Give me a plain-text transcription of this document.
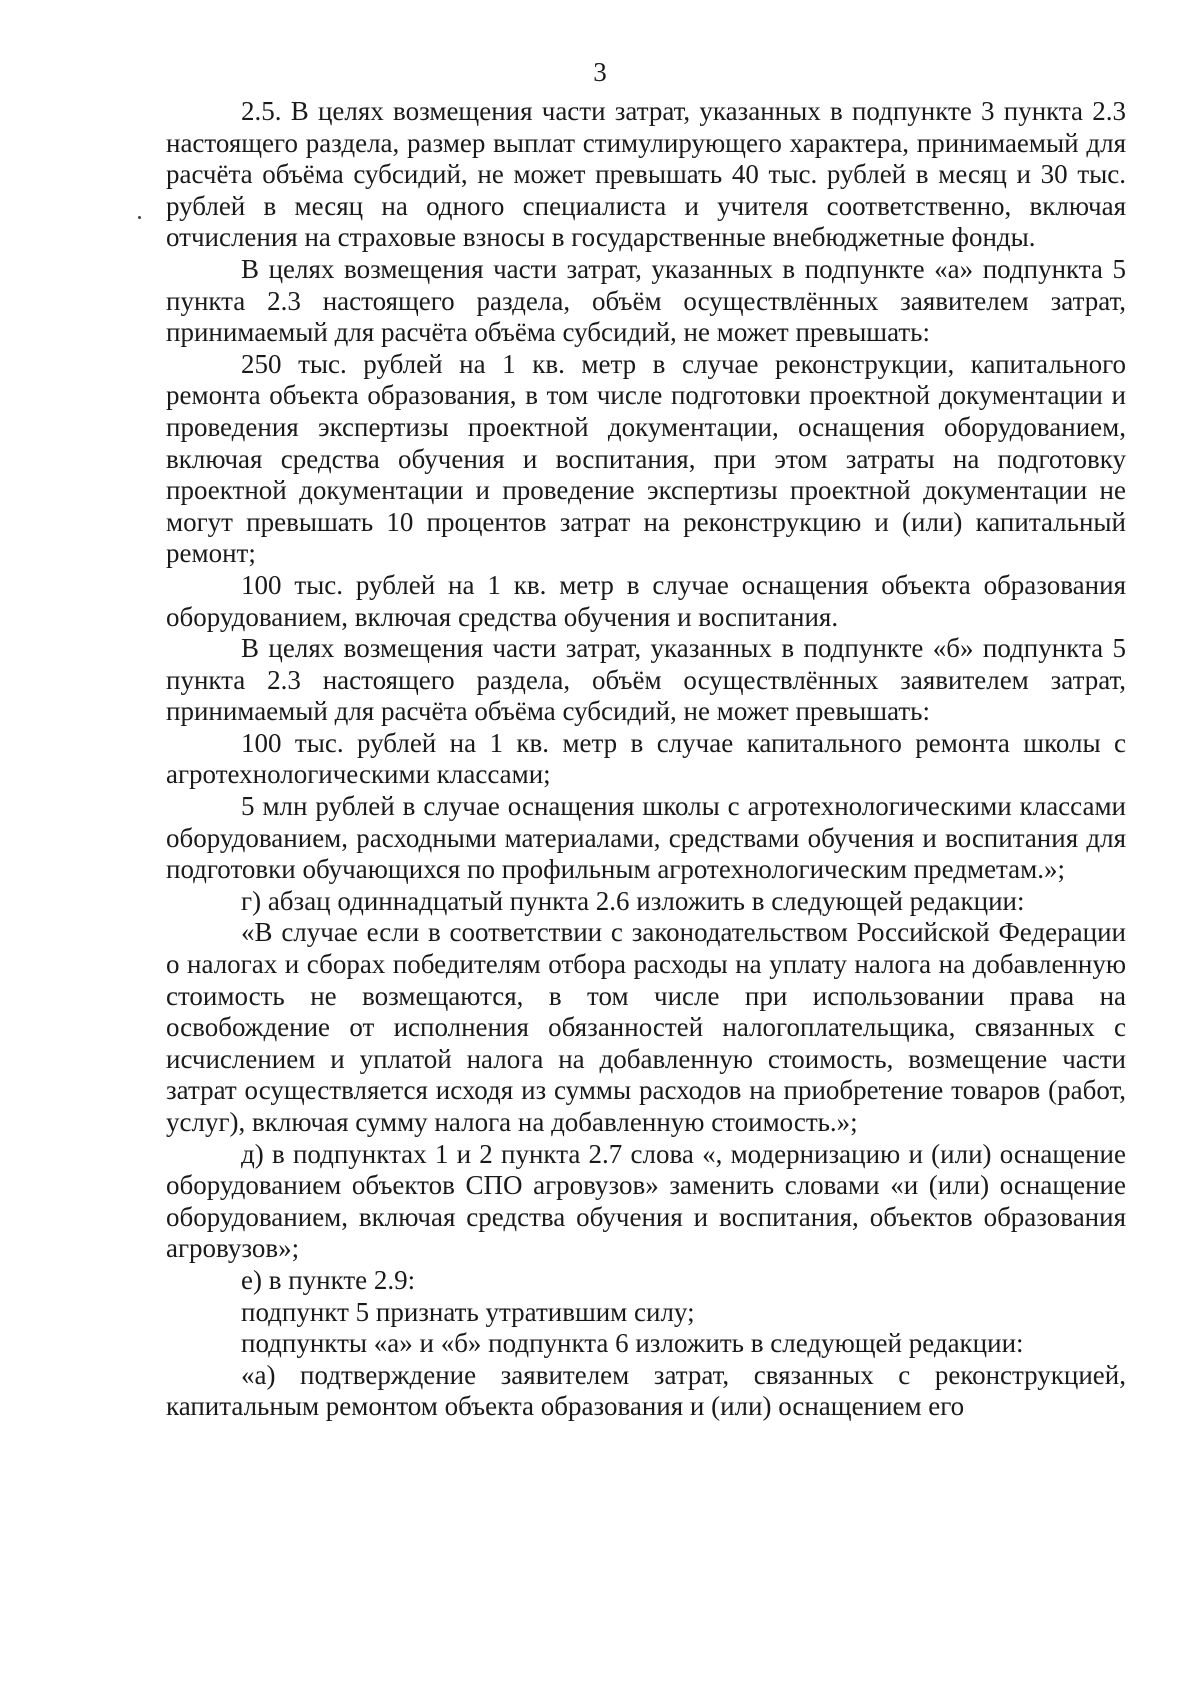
3

2.5. В целях возмещения части затрат, указанных в подпункте 3 пункта 2.3 настоящего раздела, размер выплат стимулирующего характера, принимаемый для расчёта объёма субсидий, не может превышать 40 тыс. рублей в месяц и 30 тыс. рублей в месяц на одного специалиста и учителя соответственно, включая отчисления на страховые взносы в государственные внебюджетные фонды.

В целях возмещения части затрат, указанных в подпункте «а» подпункта 5 пункта 2.3 настоящего раздела, объём осуществлённых заявителем затрат, принимаемый для расчёта объёма субсидий, не может превышать:

250 тыс. рублей на 1 кв. метр в случае реконструкции, капитального ремонта объекта образования, в том числе подготовки проектной документации и проведения экспертизы проектной документации, оснащения оборудованием, включая средства обучения и воспитания, при этом затраты на подготовку проектной документации и проведение экспертизы проектной документации не могут превышать 10 процентов затрат на реконструкцию и (или) капитальный ремонт;

100 тыс. рублей на 1 кв. метр в случае оснащения объекта образования оборудованием, включая средства обучения и воспитания.

В целях возмещения части затрат, указанных в подпункте «б» подпункта 5 пункта 2.3 настоящего раздела, объём осуществлённых заявителем затрат, принимаемый для расчёта объёма субсидий, не может превышать:

100 тыс. рублей на 1 кв. метр в случае капитального ремонта школы с агротехнологическими классами;

5 млн рублей в случае оснащения школы с агротехнологическими классами оборудованием, расходными материалами, средствами обучения и воспитания для подготовки обучающихся по профильным агротехнологическим предметам.»;

г) абзац одиннадцатый пункта 2.6 изложить в следующей редакции:

«В случае если в соответствии с законодательством Российской Федерации о налогах и сборах победителям отбора расходы на уплату налога на добавленную стоимость не возмещаются, в том числе при использовании права на освобождение от исполнения обязанностей налогоплательщика, связанных с исчислением и уплатой налога на добавленную стоимость, возмещение части затрат осуществляется исходя из суммы расходов на приобретение товаров (работ, услуг), включая сумму налога на добавленную стоимость.»;

д) в подпунктах 1 и 2 пункта 2.7 слова «, модернизацию и (или) оснащение оборудованием объектов СПО агровузов» заменить словами «и (или) оснащение оборудованием, включая средства обучения и воспитания, объектов образования агровузов»;

е) в пункте 2.9:

подпункт 5 признать утратившим силу;

подпункты «а» и «б» подпункта 6 изложить в следующей редакции:

«а) подтверждение заявителем затрат, связанных с реконструкцией, капитальным ремонтом объекта образования и (или) оснащением его
